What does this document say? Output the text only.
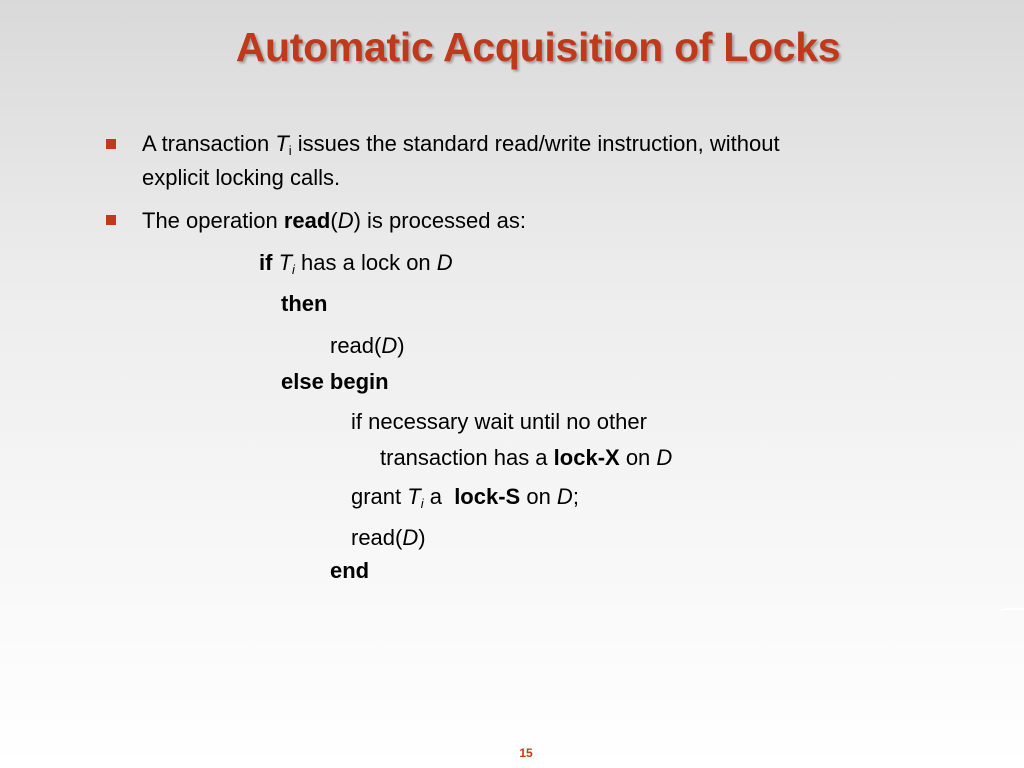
Automatic Acquisition of Locks
A transaction $T_i$ issues the standard read/write instruction, without
explicit locking calls.
The operation read(D) is processed as:
if $T_i$ has a lock on D
then
read(D)
else begin
if necessary wait until no other
transaction has a lock-X on D
grant $T_i$ a  lock-S on D;
read(D)
end
15
